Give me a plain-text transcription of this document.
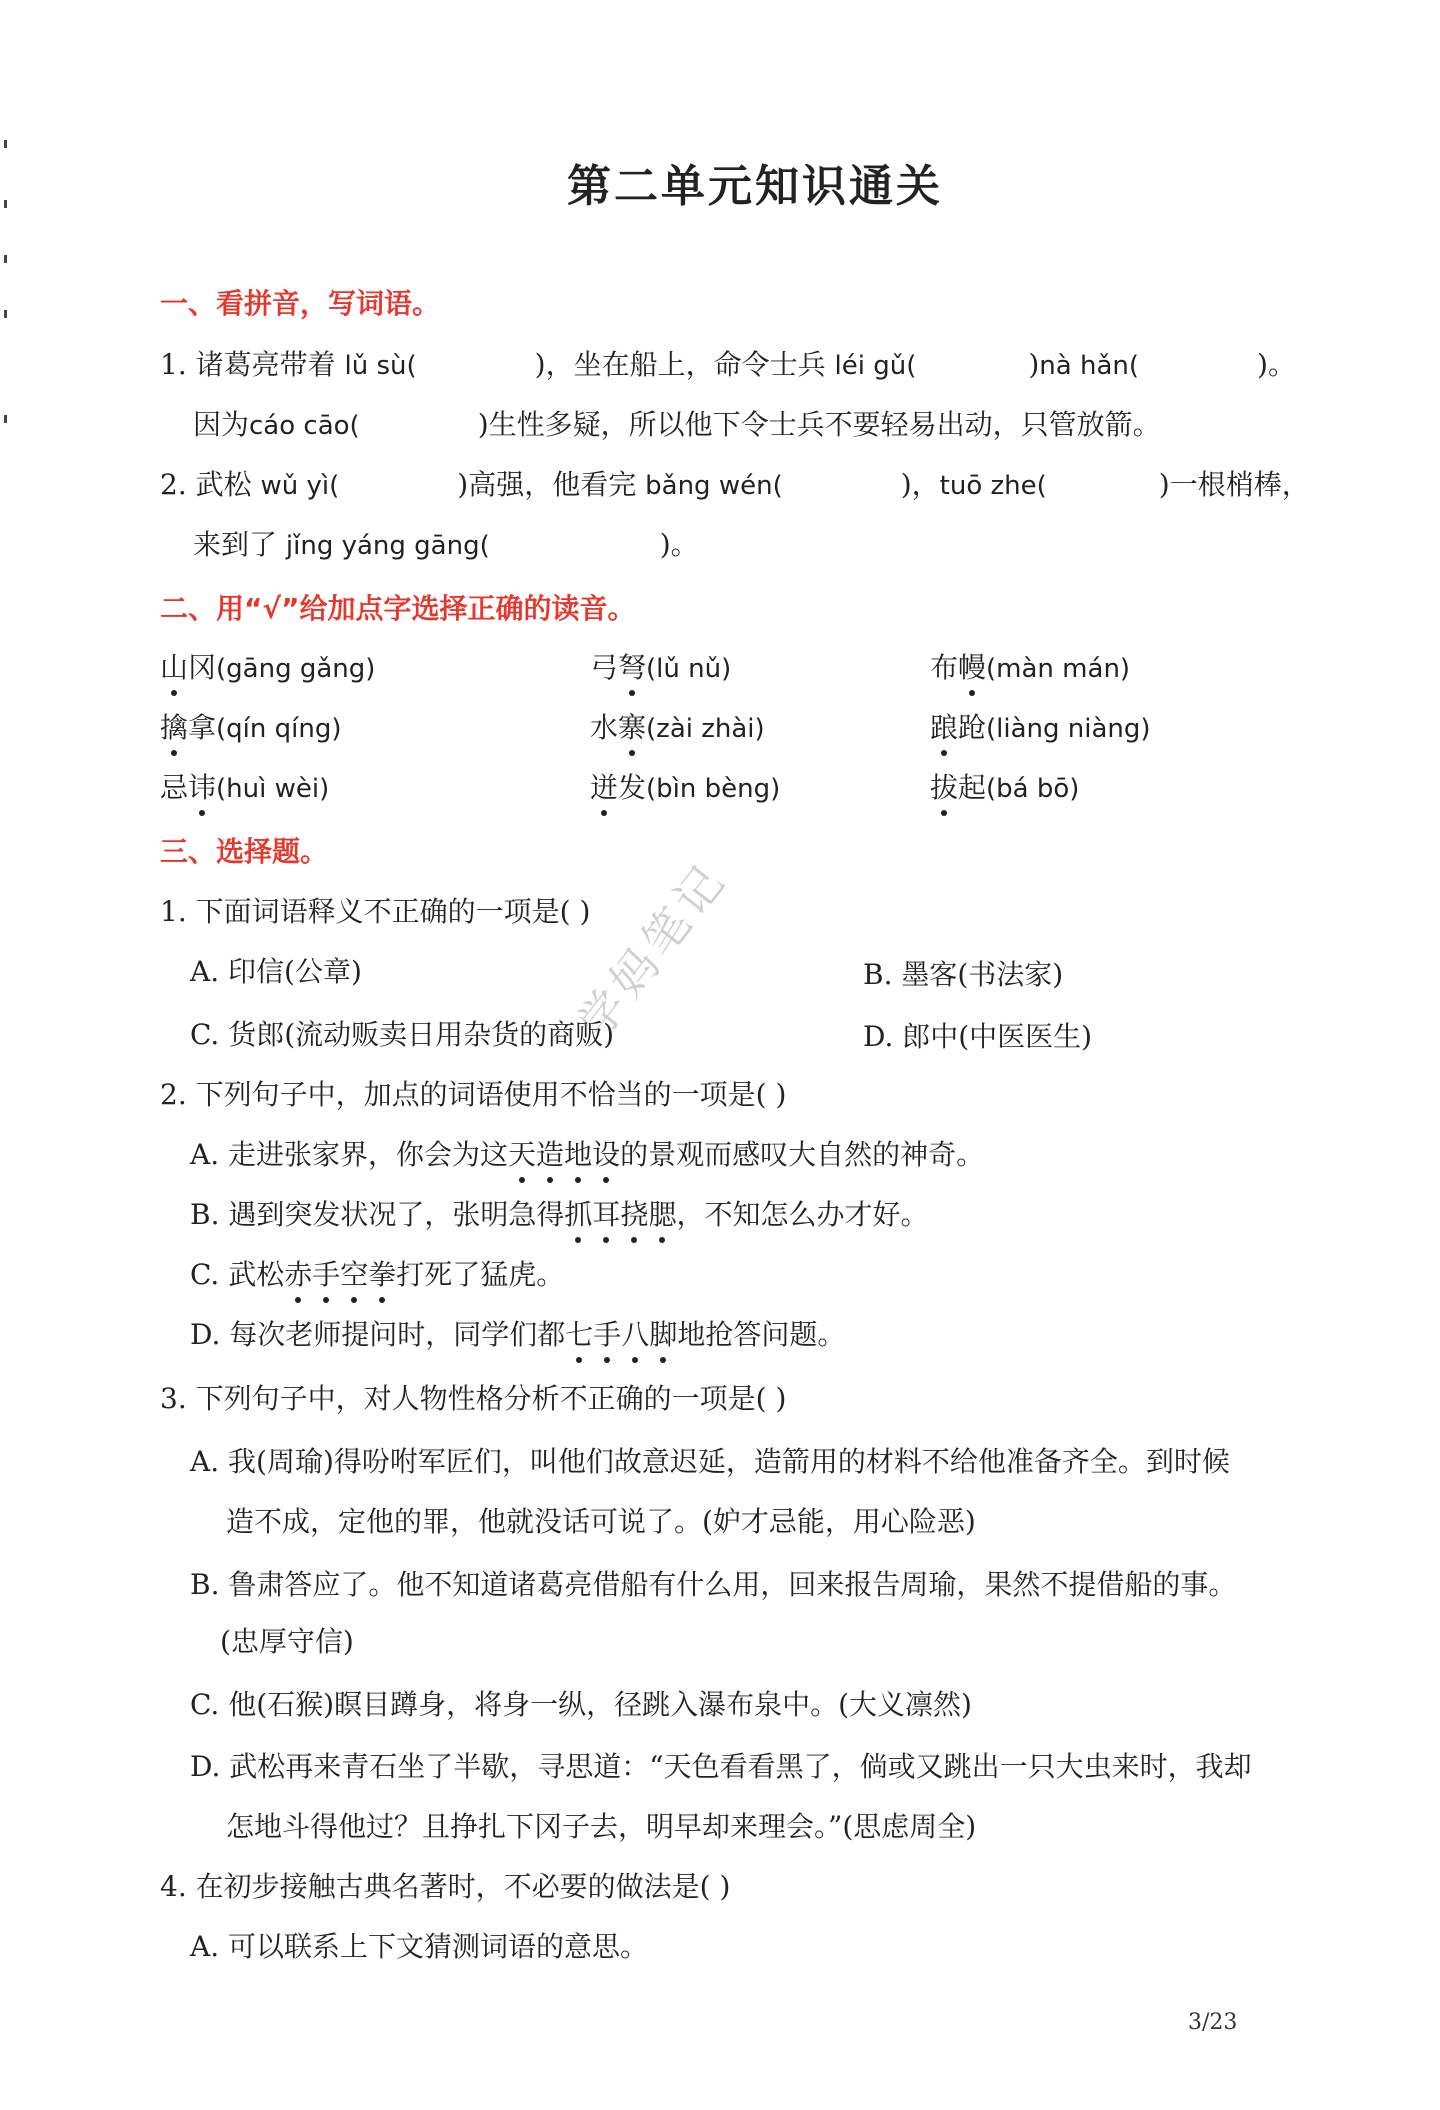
第二单元知识通关
一、看拼音，写词语。
1. 诸葛亮带着 lǔ sù(	)，坐在船上，命令士兵 léi gǔ(	)nà hǎn(	)。
因为cáo cāo(	)生性多疑，所以他下令士兵不要轻易出动，只管放箭。
2. 武松 wǔ yì(	)高强，他看完 bǎng wén(	)，tuō zhe(	)一根梢棒，
来到了 jǐng yáng gāng(	)。
二、用“√”给加点字选择正确的读音。
山冈(gāng gǎng)	弓弩(lǔ nǔ)	布幔(màn mán)
擒拿(qín qíng)	水寨(zài zhài)	踉跄(liàng niàng)
忌讳(huì wèi)	迸发(bìn bèng)	拔起(bá bō)
三、选择题。
1. 下面词语释义不正确的一项是( )
A. 印信(公章)	B. 墨客(书法家)
C. 货郎(流动贩卖日用杂货的商贩)	D. 郎中(中医医生)
2. 下列句子中，加点的词语使用不恰当的一项是( )
A. 走进张家界，你会为这天造地设的景观而感叹大自然的神奇。
B. 遇到突发状况了，张明急得抓耳挠腮，不知怎么办才好。
C. 武松赤手空拳打死了猛虎。
D. 每次老师提问时，同学们都七手八脚地抢答问题。
3. 下列句子中，对人物性格分析不正确的一项是( )
A. 我(周瑜)得吩咐军匠们，叫他们故意迟延，造箭用的材料不给他准备齐全。到时候
造不成，定他的罪，他就没话可说了。(妒才忌能，用心险恶)
B. 鲁肃答应了。他不知道诸葛亮借船有什么用，回来报告周瑜，果然不提借船的事。
(忠厚守信)
C. 他(石猴)瞑目蹲身，将身一纵，径跳入瀑布泉中。(大义凛然)
D. 武松再来青石坐了半歇，寻思道：“天色看看黑了，倘或又跳出一只大虫来时，我却
怎地斗得他过？且挣扎下冈子去，明早却来理会。”(思虑周全)
4. 在初步接触古典名著时，不必要的做法是( )
A. 可以联系上下文猜测词语的意思。
学妈笔记
3/23
